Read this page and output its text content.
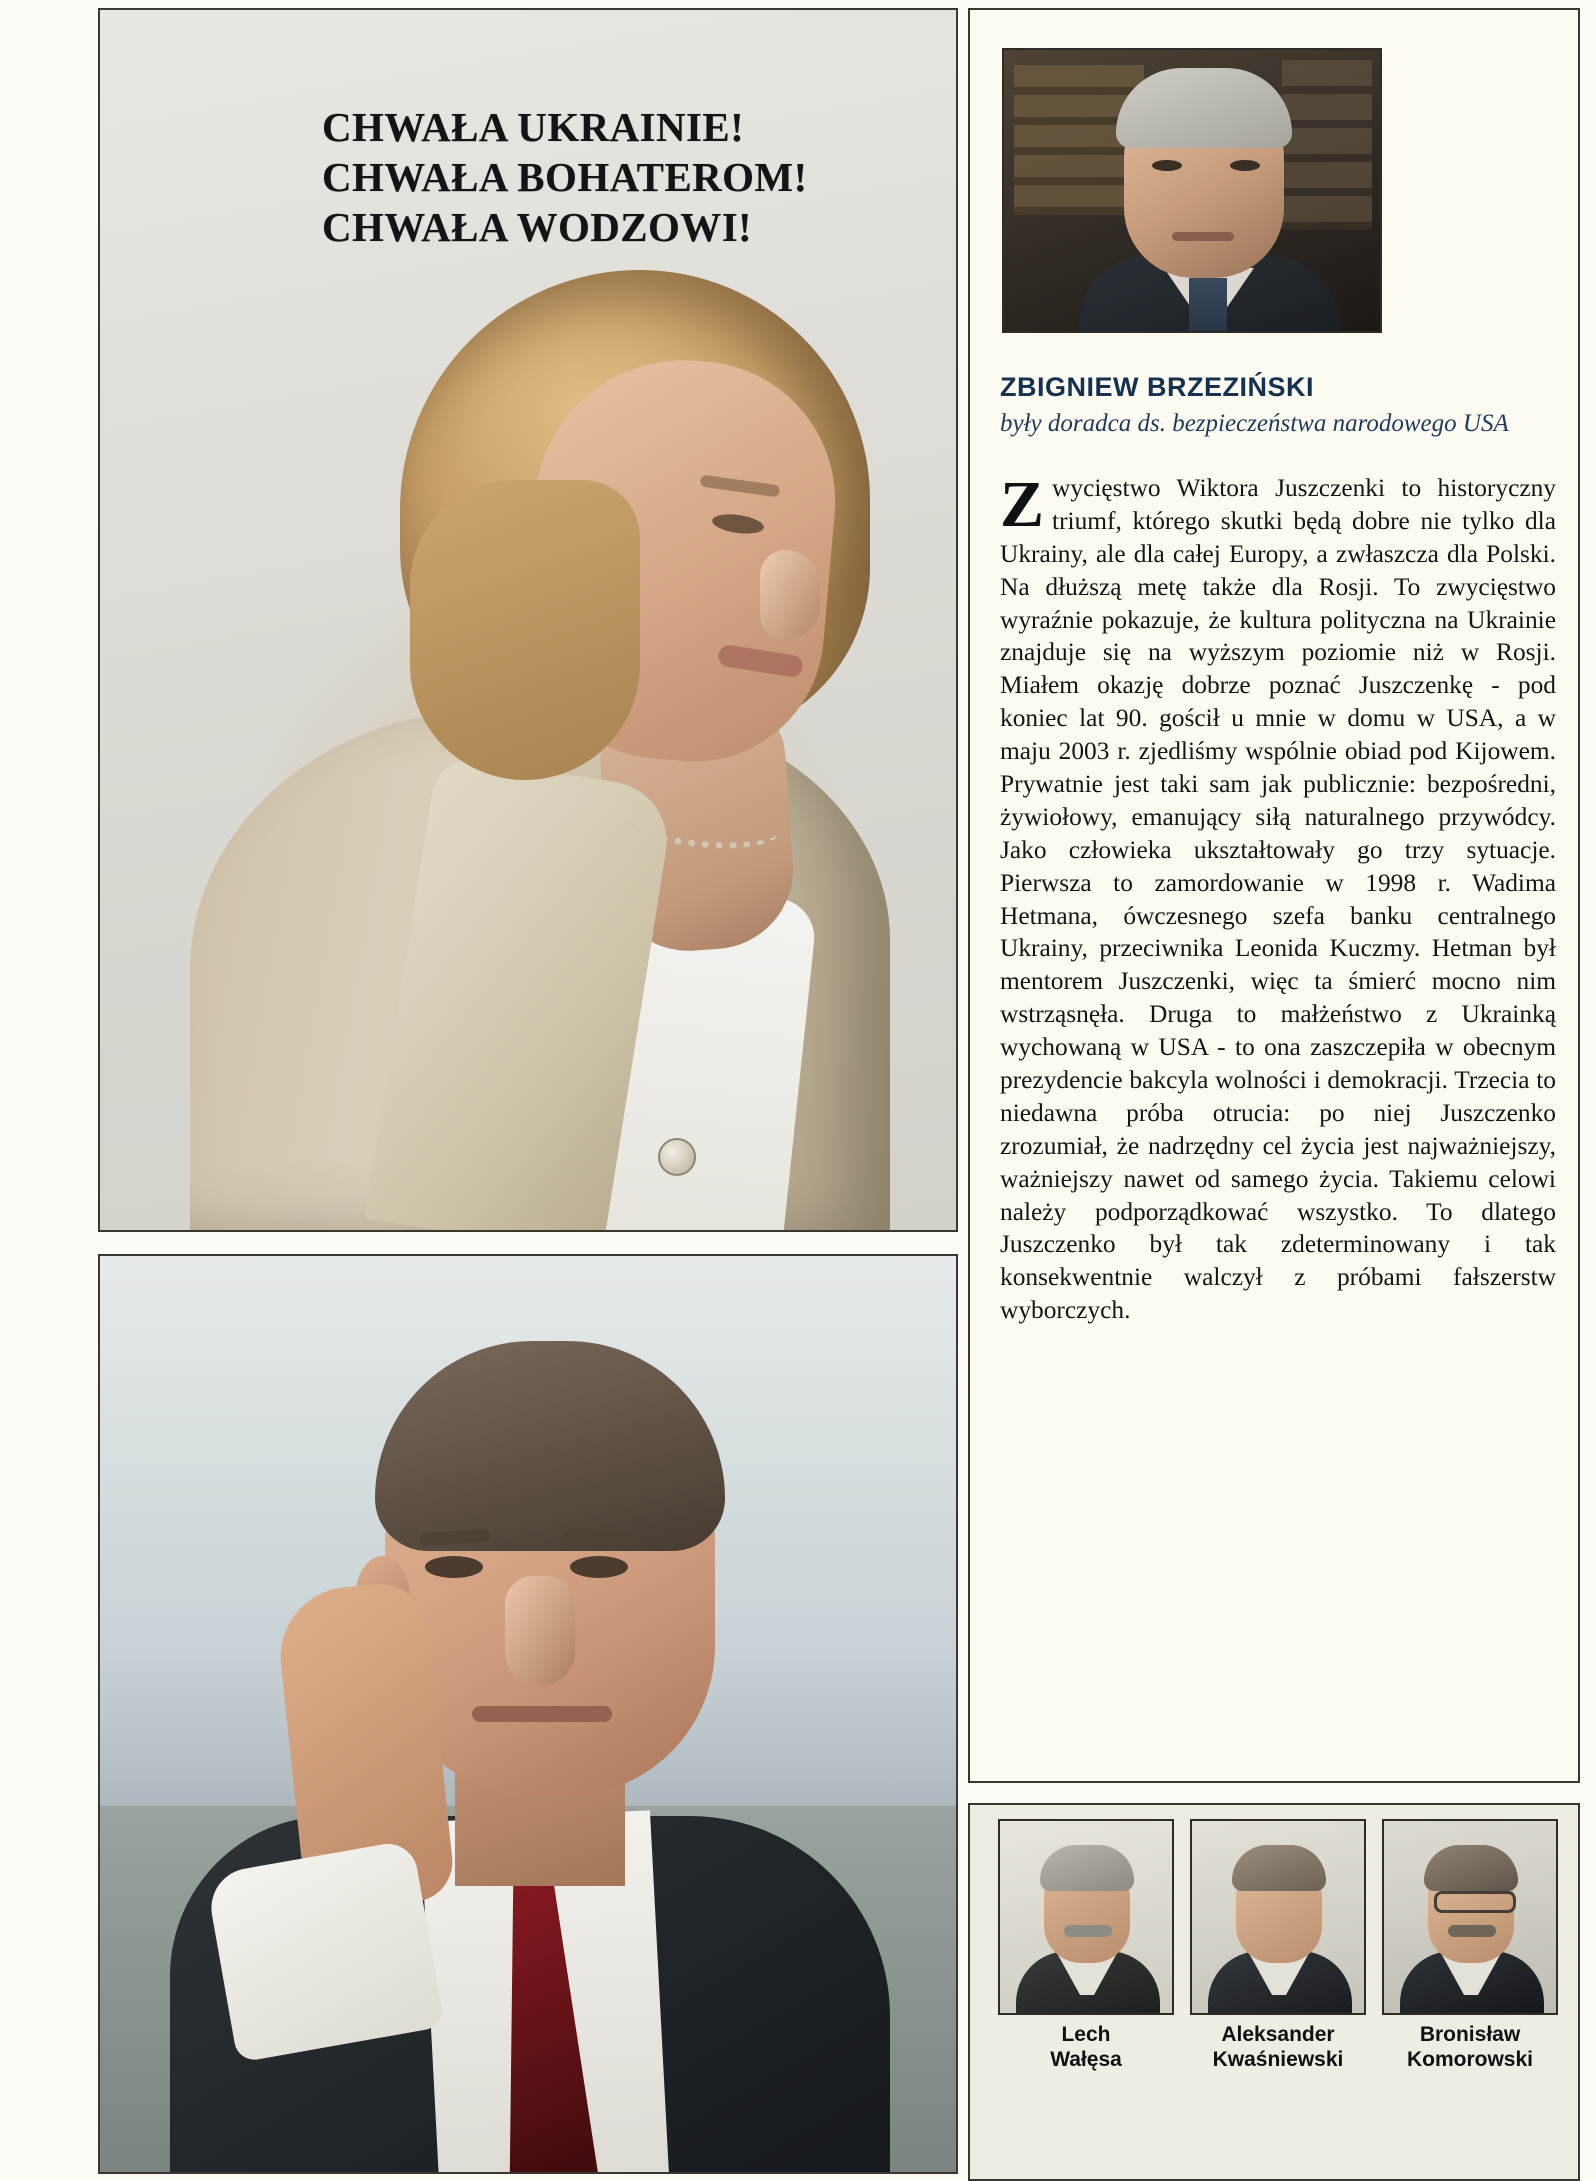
CHWAŁA UKRAINIE!
CHWAŁA BOHATEROM!
CHWAŁA WODZOWI!
ZBIGNIEW BRZEZIŃSKI
były doradca ds. bezpieczeństwa narodowego USA
Zwycięstwo Wiktora Juszczenki to historyczny triumf, którego skutki będą dobre nie tylko dla Ukrainy, ale dla całej Europy, a zwłaszcza dla Polski. Na dłuższą metę także dla Rosji. To zwycięstwo wyraźnie pokazuje, że kultura polityczna na Ukrainie znajduje się na wyższym poziomie niż w Rosji. Miałem okazję dobrze poznać Juszczenkę - pod koniec lat 90. gościł u mnie w domu w USA, a w maju 2003 r. zjedliśmy wspólnie obiad pod Kijowem. Prywatnie jest taki sam jak publicznie: bezpośredni, żywiołowy, emanujący siłą naturalnego przywódcy. Jako człowieka ukształtowały go trzy sytuacje. Pierwsza to zamordowanie w 1998 r. Wadima Hetmana, ówczesnego szefa banku centralnego Ukrainy, przeciwnika Leonida Kuczmy. Hetman był mentorem Juszczenki, więc ta śmierć mocno nim wstrząsnęła. Druga to małżeństwo z Ukrainką wychowaną w USA - to ona zaszczepiła w obecnym prezydencie bakcyla wolności i demokracji. Trzecia to niedawna próba otrucia: po niej Juszczenko zrozumiał, że nadrzędny cel życia jest najważniejszy, ważniejszy nawet od samego życia. Takiemu celowi należy podporządkować wszystko. To dlatego Juszczenko był tak zdeterminowany i tak konsekwentnie walczył z próbami fałszerstw wyborczych.
Lech
Wałęsa
Aleksander
Kwaśniewski
Bronisław
Komorowski
